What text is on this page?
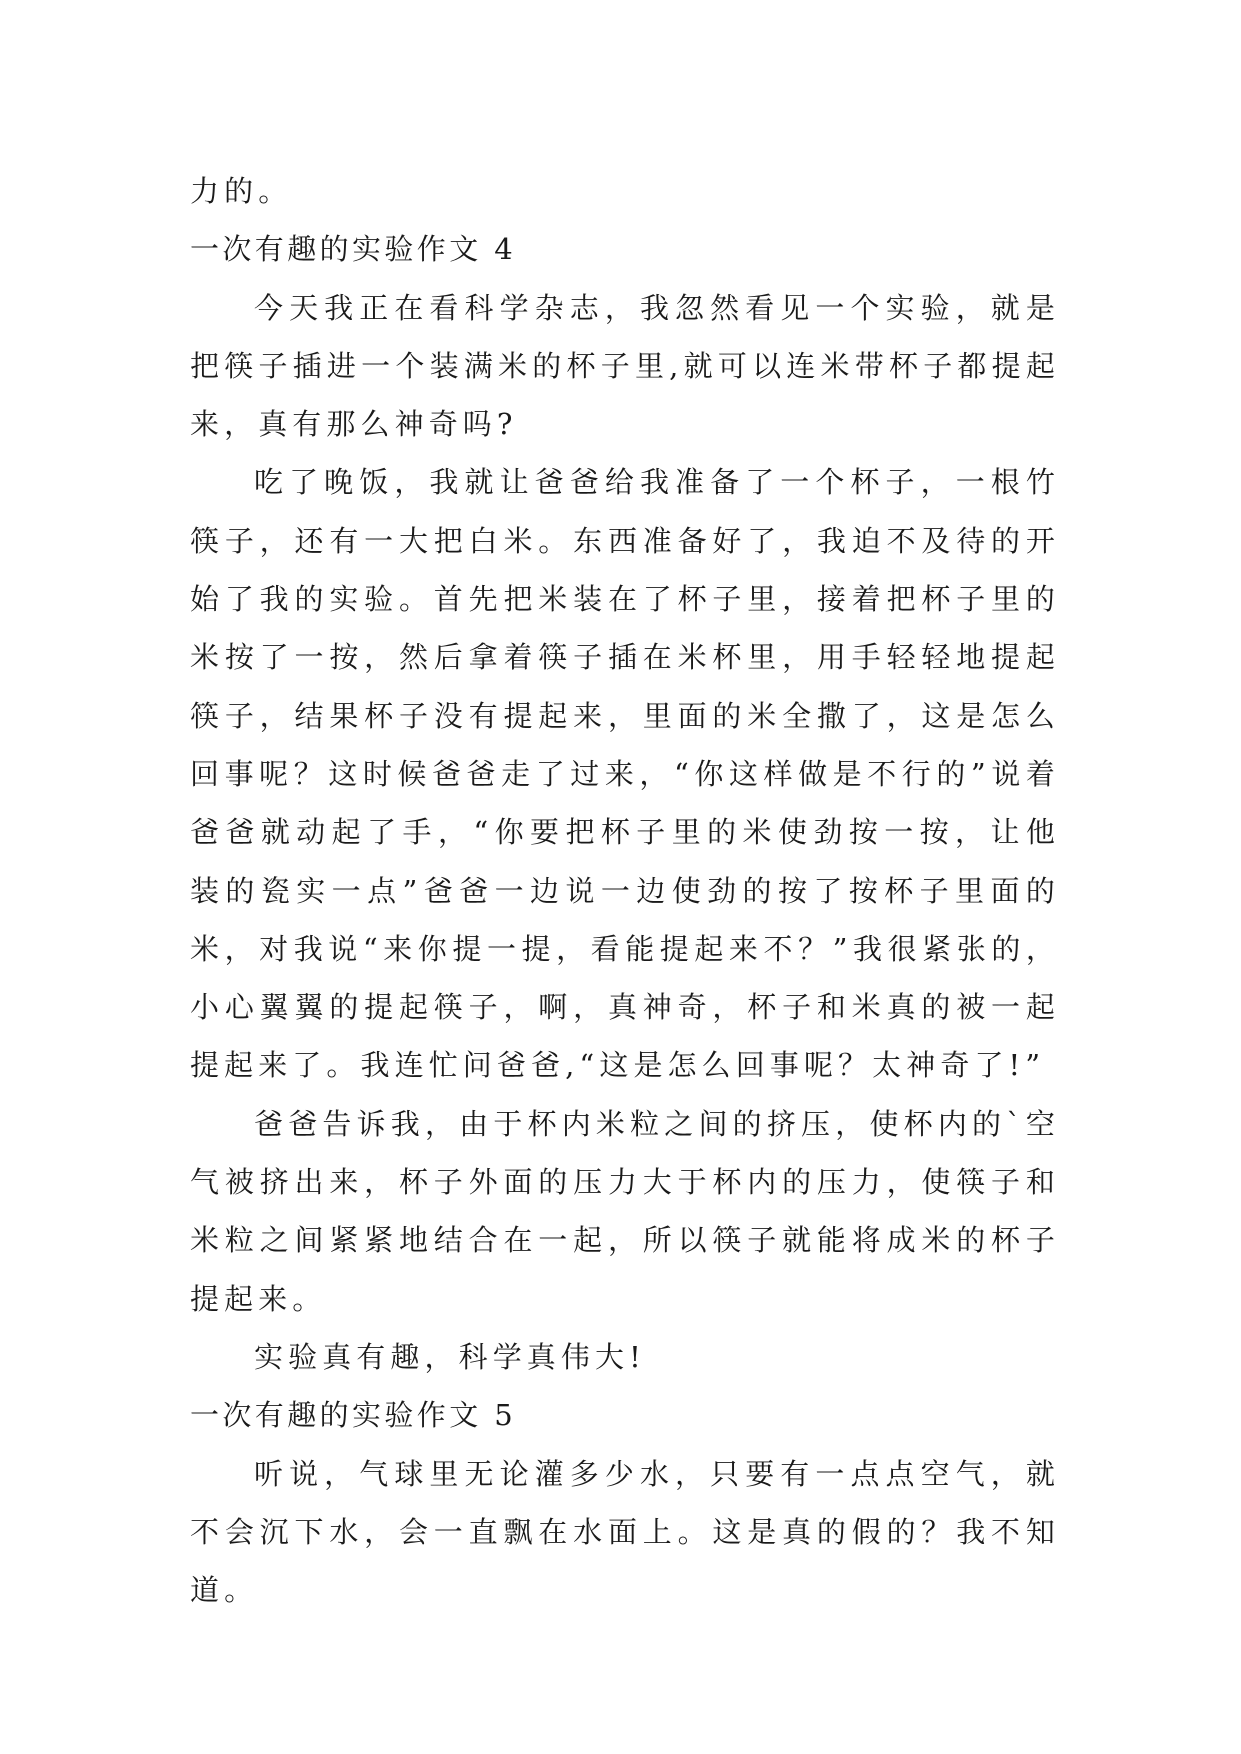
力的。
一次有趣的实验作文 4

今天我正在看科学杂志，我忽然看见一个实验，就是把筷子插进一个装满米的杯子里,就可以连米带杯子都提起来，真有那么神奇吗?

吃了晚饭，我就让爸爸给我准备了一个杯子，一根竹筷子，还有一大把白米。东西准备好了，我迫不及待的开始了我的实验。首先把米装在了杯子里，接着把杯子里的米按了一按，然后拿着筷子插在米杯里，用手轻轻地提起筷子，结果杯子没有提起来，里面的米全撒了，这是怎么回事呢？这时候爸爸走了过来，“你这样做是不行的”说着爸爸就动起了手，“你要把杯子里的米使劲按一按，让他装的瓷实一点”爸爸一边说一边使劲的按了按杯子里面的米，对我说“来你提一提，看能提起来不？”我很紧张的，小心翼翼的提起筷子，啊，真神奇，杯子和米真的被一起提起来了。我连忙问爸爸,“这是怎么回事呢？太神奇了!”

爸爸告诉我，由于杯内米粒之间的挤压，使杯内的`空气被挤出来，杯子外面的压力大于杯内的压力，使筷子和米粒之间紧紧地结合在一起，所以筷子就能将成米的杯子提起来。

实验真有趣，科学真伟大!

一次有趣的实验作文 5

听说，气球里无论灌多少水，只要有一点点空气，就不会沉下水，会一直飘在水面上。这是真的假的？我不知道。
